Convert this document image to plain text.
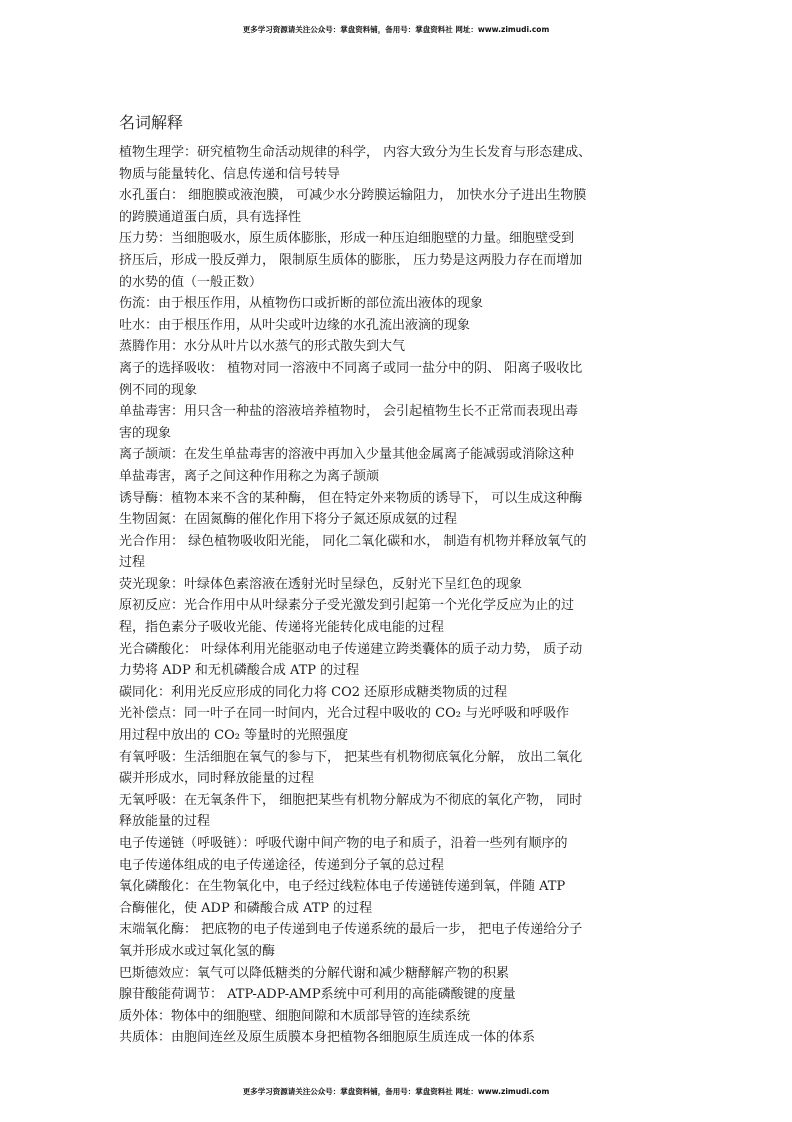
更多学习资源请关注公众号：掌盘资料铺，备用号：掌盘资料社 网址：www.zimudi.com
名词解释
植物生理学：研究植物生命活动规律的科学， 内容大致分为生长发育与形态建成、
物质与能量转化、信息传递和信号转导
水孔蛋白： 细胞膜或液泡膜， 可减少水分跨膜运输阻力， 加快水分子进出生物膜
的跨膜通道蛋白质，具有选择性
压力势：当细胞吸水，原生质体膨胀，形成一种压迫细胞壁的力量。细胞壁受到
挤压后，形成一股反弹力， 限制原生质体的膨胀， 压力势是这两股力存在而增加
的水势的值（一般正数）
伤流：由于根压作用，从植物伤口或折断的部位流出液体的现象
吐水：由于根压作用，从叶尖或叶边缘的水孔流出液滴的现象
蒸腾作用：水分从叶片以水蒸气的形式散失到大气
离子的选择吸收： 植物对同一溶液中不同离子或同一盐分中的阴、 阳离子吸收比
例不同的现象
单盐毒害：用只含一种盐的溶液培养植物时， 会引起植物生长不正常而表现出毒
害的现象
离子颉颃：在发生单盐毒害的溶液中再加入少量其他金属离子能减弱或消除这种
单盐毒害，离子之间这种作用称之为离子颉颃
诱导酶：植物本来不含的某种酶， 但在特定外来物质的诱导下， 可以生成这种酶
生物固氮：在固氮酶的催化作用下将分子氮还原成氨的过程
光合作用： 绿色植物吸收阳光能， 同化二氧化碳和水， 制造有机物并释放氧气的
过程
荧光现象：叶绿体色素溶液在透射光时呈绿色，反射光下呈红色的现象
原初反应：光合作用中从叶绿素分子受光激发到引起第一个光化学反应为止的过
程，指色素分子吸收光能、传递将光能转化成电能的过程
光合磷酸化： 叶绿体利用光能驱动电子传递建立跨类囊体的质子动力势， 质子动
力势将 ADP 和无机磷酸合成 ATP 的过程
碳同化：利用光反应形成的同化力将 CO2 还原形成糖类物质的过程
光补偿点：同一叶子在同一时间内，光合过程中吸收的 CO₂ 与光呼吸和呼吸作
用过程中放出的 CO₂ 等量时的光照强度
有氧呼吸：生活细胞在氧气的参与下， 把某些有机物彻底氧化分解， 放出二氧化
碳并形成水，同时释放能量的过程
无氧呼吸：在无氧条件下， 细胞把某些有机物分解成为不彻底的氧化产物， 同时
释放能量的过程
电子传递链（呼吸链）：呼吸代谢中间产物的电子和质子，沿着一些列有顺序的
电子传递体组成的电子传递途径，传递到分子氧的总过程
氧化磷酸化：在生物氧化中，电子经过线粒体电子传递链传递到氧，伴随 ATP
合酶催化，使 ADP 和磷酸合成 ATP 的过程
末端氧化酶： 把底物的电子传递到电子传递系统的最后一步， 把电子传递给分子
氧并形成水或过氧化氢的酶
巴斯德效应：氧气可以降低糖类的分解代谢和减少糖酵解产物的积累
腺苷酸能荷调节： ATP-ADP-AMP系统中可利用的高能磷酸键的度量
质外体：物体中的细胞壁、细胞间隙和木质部导管的连续系统
共质体：由胞间连丝及原生质膜本身把植物各细胞原生质连成一体的体系
更多学习资源请关注公众号：掌盘资料铺，备用号：掌盘资料社 网址：www.zimudi.com
